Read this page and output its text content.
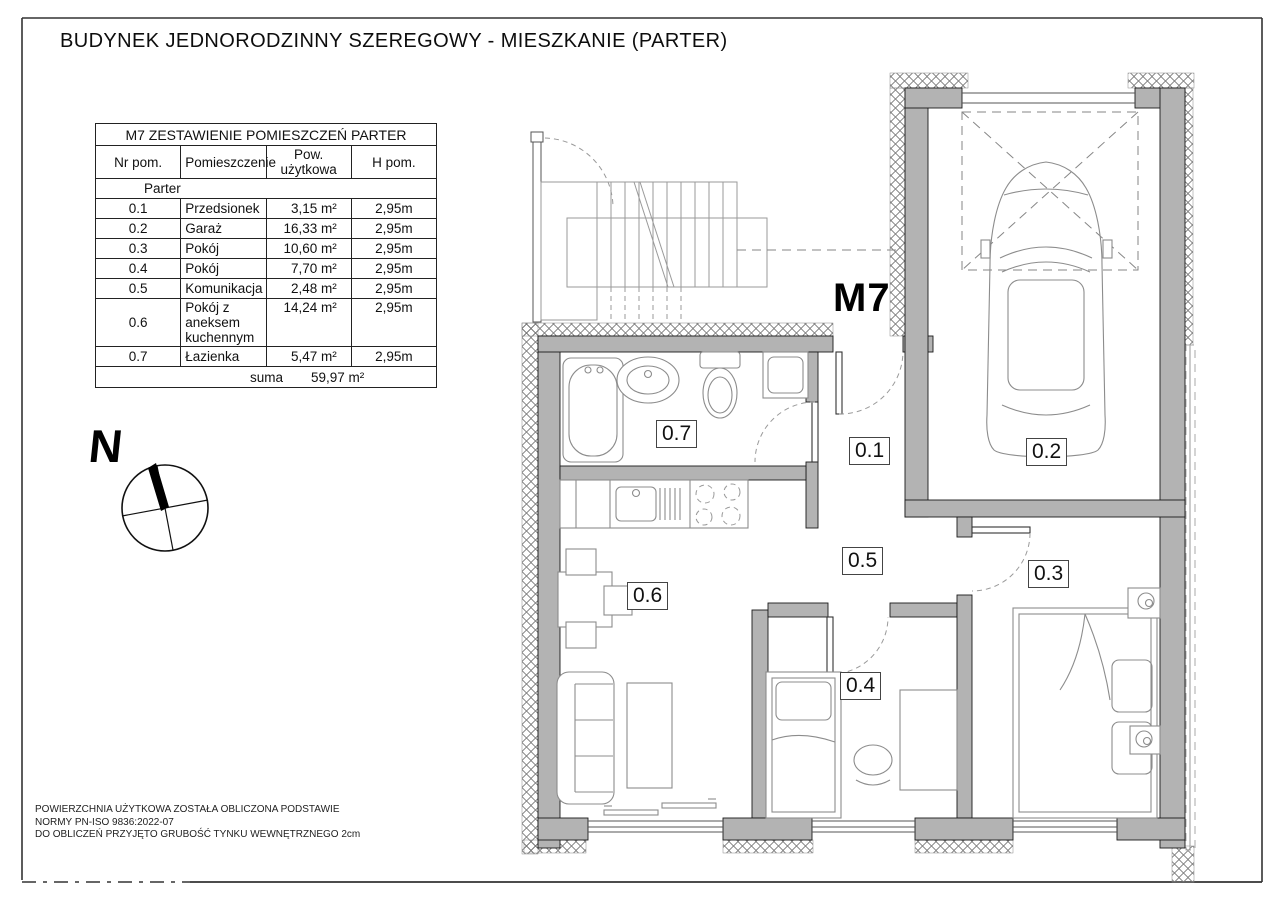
N
BUDYNEK JEDNORODZINNY SZEREGOWY - MIESZKANIE (PARTER)
M7 ZESTAWIENIE POMIESZCZEŃ PARTER			
Nr pom.	Pomieszczenie	Pow. użytkowa	H pom.
Parter			
0.1	Przedsionek	3,15 m²	2,95m
0.2	Garaż	16,33 m²	2,95m
0.3	Pokój	10,60 m²	2,95m
0.4	Pokój	7,70 m²	2,95m
0.5	Komunikacja	2,48 m²	2,95m
0.6	Pokój z aneksem kuchennym	14,24 m²	2,95m
0.7	Łazienka	5,47 m²	2,95m
suma 59,97 m²			
M7
0.7
0.1	0.2
0.5
0.3
0.6
0.4
POWIERZCHNIA UŻYTKOWA ZOSTAŁA OBLICZONA PODSTAWIE
NORMY PN-ISO 9836:2022-07
DO OBLICZEŃ PRZYJĘTO GRUBOŚĆ TYNKU WEWNĘTRZNEGO 2cm
